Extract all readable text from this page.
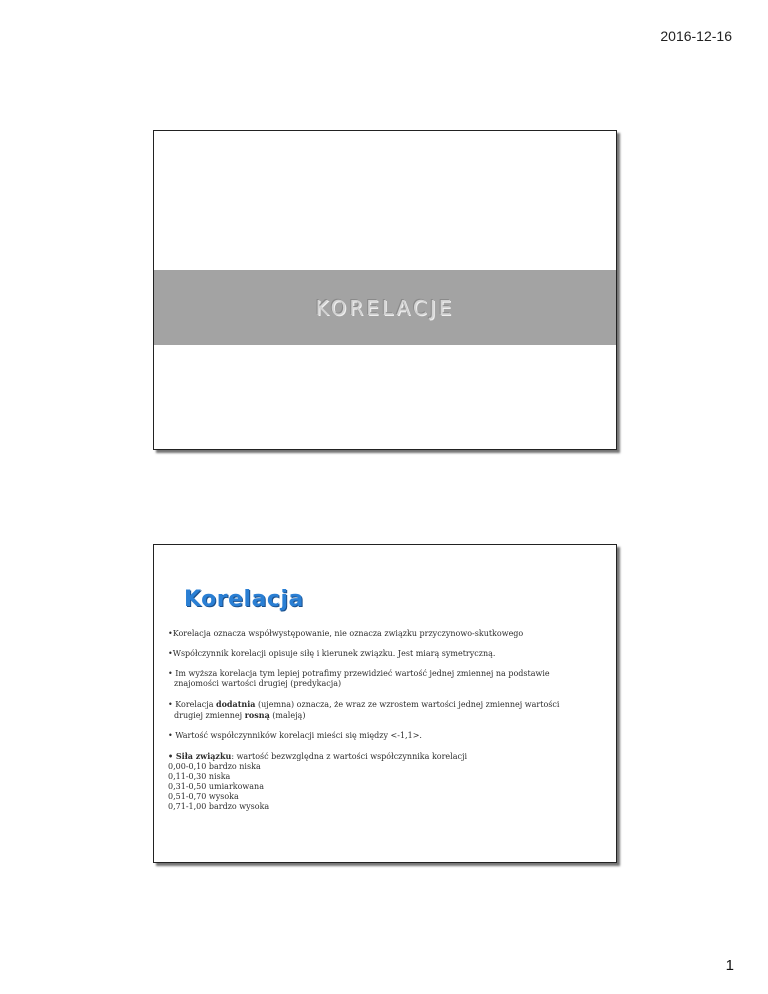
2016-12-16
KORELACJE
Korelacja

•Korelacja oznacza współwystępowanie, nie oznacza związku przyczynowo-skutkowego

•Współczynnik korelacji opisuje siłę i kierunek związku. Jest miarą symetryczną.

• Im wyższa korelacja tym lepiej potrafimy przewidzieć wartość jednej zmiennej na podstawie
znajomości wartości drugiej (predykacja)

• Korelacja dodatnia (ujemna) oznacza, że wraz ze wzrostem wartości jednej zmiennej wartości
drugiej zmiennej rosną (maleją)

• Wartość współczynników korelacji mieści się między <-1,1>.

• Siła związku: wartość bezwzględna z wartości współczynnika korelacji
0,00-0,10 bardzo niska
0,11-0,30 niska
0,31-0,50 umiarkowana
0,51-0,70 wysoka
0,71-1,00 bardzo wysoka
1
